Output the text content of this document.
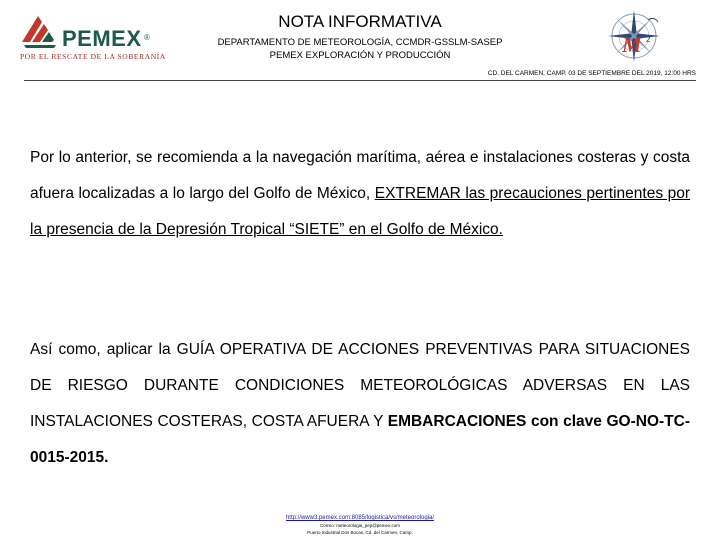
PEMEX ®
POR EL RESCATE DE LA SOBERANÍA
NOTA INFORMATIVA
DEPARTAMENTO DE METEOROLOGÍA, CCMDR-GSSLM-SASEP
PEMEX EXPLORACIÓN Y PRODUCCIÓN	M 2
CD. DEL CARMEN, CAMP. 03 DE SEPTIEMBRE DEL 2019, 12:00 HRS
Por lo anterior, se recomienda a la navegación marítima, aérea e instalaciones costeras y costa afuera localizadas a lo largo del Golfo de México, EXTREMAR las precauciones pertinentes por la presencia de la Depresión Tropical “SIETE” en el Golfo de México.
Así como, aplicar la GUÍA OPERATIVA DE ACCIONES PREVENTIVAS PARA SITUACIONES DE RIESGO DURANTE CONDICIONES METEOROLÓGICAS ADVERSAS EN LAS INSTALACIONES COSTERAS, COSTA AFUERA Y EMBARCACIONES con clave GO-NO-TC-0015-2015.
http://www3.pemex.com:8085/logistica/vs/meteorologia/
Correo: meteorologia_pep@pemex.com
Puerto Industrial Dos Bocas, Cd. del Carmen, Camp.
